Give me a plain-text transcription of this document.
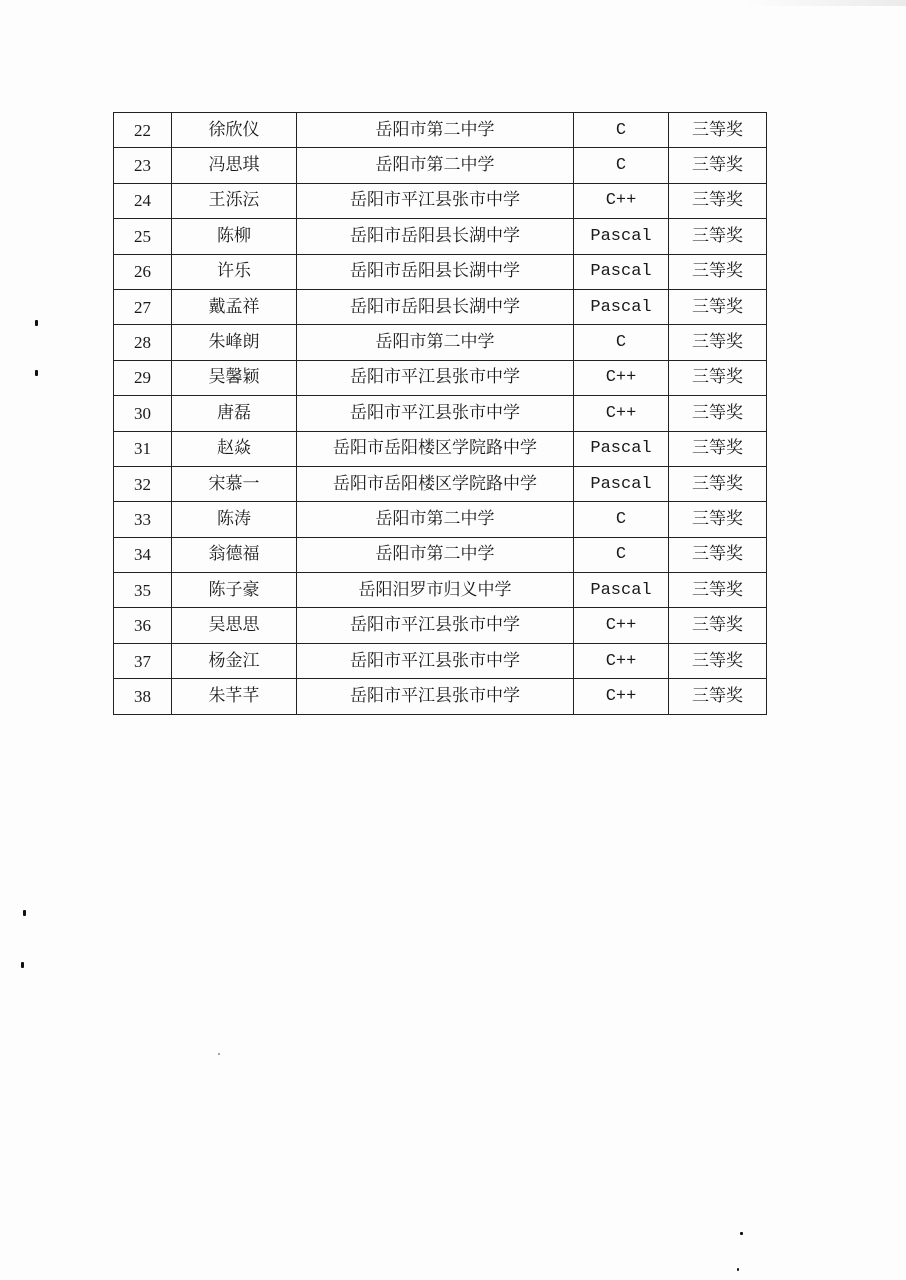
22	徐欣仪	岳阳市第二中学	C	三等奖
23	冯思琪	岳阳市第二中学	C	三等奖
24	王泺沄	岳阳市平江县张市中学	C++	三等奖
25	陈柳	岳阳市岳阳县长湖中学	Pascal	三等奖
26	许乐	岳阳市岳阳县长湖中学	Pascal	三等奖
27	戴孟祥	岳阳市岳阳县长湖中学	Pascal	三等奖
28	朱峰朗	岳阳市第二中学	C	三等奖
29	吴馨颖	岳阳市平江县张市中学	C++	三等奖
30	唐磊	岳阳市平江县张市中学	C++	三等奖
31	赵焱	岳阳市岳阳楼区学院路中学	Pascal	三等奖
32	宋慕一	岳阳市岳阳楼区学院路中学	Pascal	三等奖
33	陈涛	岳阳市第二中学	C	三等奖
34	翁德福	岳阳市第二中学	C	三等奖
35	陈子豪	岳阳汨罗市归义中学	Pascal	三等奖
36	吴思思	岳阳市平江县张市中学	C++	三等奖
37	杨金江	岳阳市平江县张市中学	C++	三等奖
38	朱芊芊	岳阳市平江县张市中学	C++	三等奖
